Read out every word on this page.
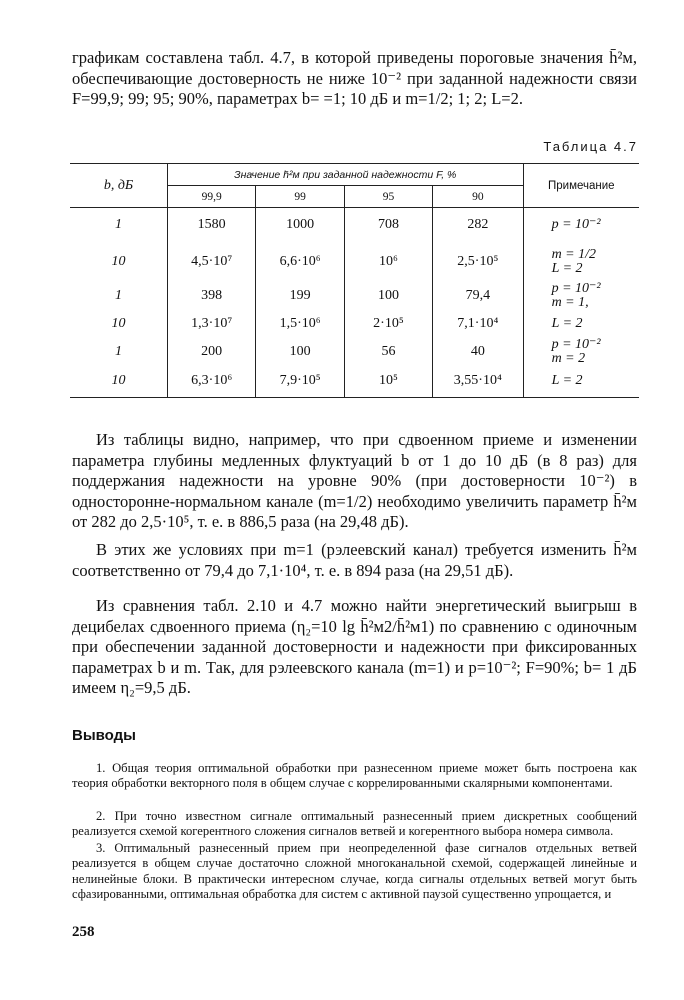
графикам составлена табл. 4.7, в которой приведены пороговые значения h̄²м, обеспечивающие достоверность не ниже 10⁻² при заданной надежности связи F=99,9; 99; 95; 90%, параметрах b= =1; 10 дБ и m=1/2; 1; 2; L=2.
Таблица 4.7
b, дБ	Значение h̄²м при заданной надежности F, %				Примечание
	99,9	99	95	90	
1	1580	1000	708	282	p = 10⁻²
10	4,5·10⁷	6,6·10⁶	10⁶	2,5·10⁵	m = 1/2
L = 2
1	398	199	100	79,4	p = 10⁻²
m = 1,
10	1,3·10⁷	1,5·10⁶	2·10⁵	7,1·10⁴	L = 2
1	200	100	56	40	p = 10⁻²
m = 2
10	6,3·10⁶	7,9·10⁵	10⁵	3,55·10⁴	L = 2
Из таблицы видно, например, что при сдвоенном приеме и изменении параметра глубины медленных флуктуаций b от 1 до 10 дБ (в 8 раз) для поддержания надежности на уровне 90% (при достоверности 10⁻²) в одностороннe-нормальном канале (m=1/2) необходимо увеличить параметр h̄²м от 282 до 2,5·10⁵, т. е. в 886,5 раза (на 29,48 дБ).
В этих же условиях при m=1 (рэлеевский канал) требуется изменить h̄²м соответственно от 79,4 до 7,1·10⁴, т. е. в 894 раза (на 29,51 дБ).
Из сравнения табл. 2.10 и 4.7 можно найти энергетический выигрыш в децибелах сдвоенного приема (η₂=10 lg h̄²м2/h̄²м1) по сравнению с одиночным при обеспечении заданной достоверности и надежности при фиксированных параметрах b и m. Так, для рэлеевского канала (m=1) и p=10⁻²; F=90%; b= 1 дБ имеем η₂=9,5 дБ.
Выводы
1. Общая теория оптимальной обработки при разнесенном приеме может быть построена как теория обработки векторного поля в общем случае с коррелированными скалярными компонентами.
2. При точно известном сигнале оптимальный разнесенный прием дискретных сообщений реализуется схемой когерентного сложения сигналов ветвей и когерентного выбора номера символа.
3. Оптимальный разнесенный прием при неопределенной фазе сигналов отдельных ветвей реализуется в общем случае достаточно сложной многоканальной схемой, содержащей линейные и нелинейные блоки. В практически интересном случае, когда сигналы отдельных ветвей могут быть сфазированными, оптимальная обработка для систем с активной паузой существенно упрощается, и
258
